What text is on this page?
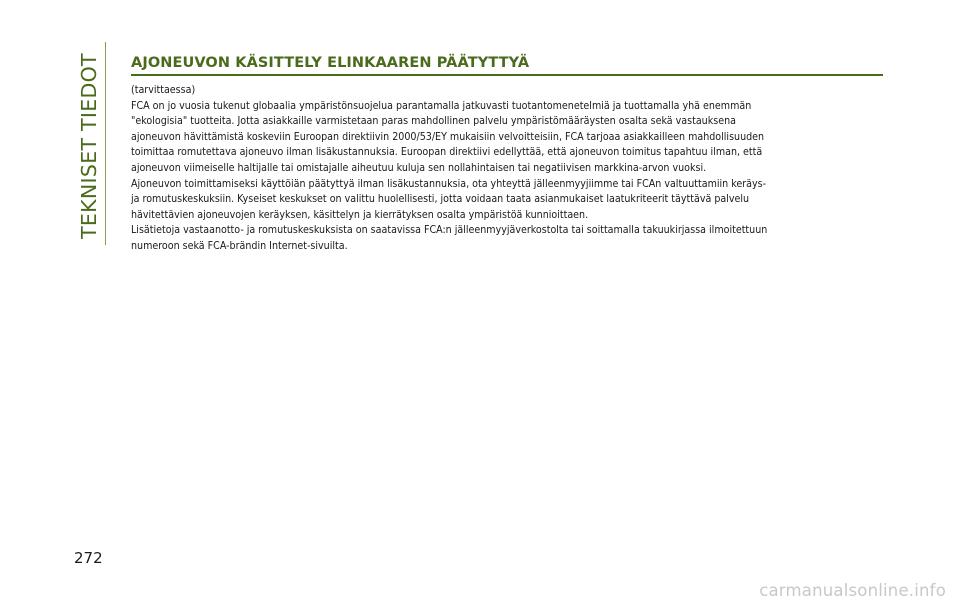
TEKNISET TIEDOT AJONEUVON KÄSITTELY ELINKAAREN PÄÄTYTTYÄ
(tarvittaessa)
FCA on jo vuosia tukenut globaalia ympäristönsuojelua parantamalla jatkuvasti tuotantomenetelmiä ja tuottamalla yhä enemmän
"ekologisia" tuotteita. Jotta asiakkaille varmistetaan paras mahdollinen palvelu ympäristömääräysten osalta sekä vastauksena
ajoneuvon hävittämistä koskeviin Euroopan direktiivin 2000/53/EY mukaisiin velvoitteisiin, FCA tarjoaa asiakkailleen mahdollisuuden
toimittaa romutettava ajoneuvo ilman lisäkustannuksia. Euroopan direktiivi edellyttää, että ajoneuvon toimitus tapahtuu ilman, että
ajoneuvon viimeiselle haltijalle tai omistajalle aiheutuu kuluja sen nollahintaisen tai negatiivisen markkina-arvon vuoksi.
Ajoneuvon toimittamiseksi käyttöiän päätyttyä ilman lisäkustannuksia, ota yhteyttä jälleenmyyjiimme tai FCAn valtuuttamiin keräys-
ja romutuskeskuksiin. Kyseiset keskukset on valittu huolellisesti, jotta voidaan taata asianmukaiset laatukriteerit täyttävä palvelu
hävitettävien ajoneuvojen keräyksen, käsittelyn ja kierrätyksen osalta ympäristöä kunnioittaen.
Lisätietoja vastaanotto- ja romutuskeskuksista on saatavissa FCA:n jälleenmyyjäverkostolta tai soittamalla takuukirjassa ilmoitettuun
numeroon sekä FCA-brändin Internet-sivuilta.
272
carmanualsonline.info
